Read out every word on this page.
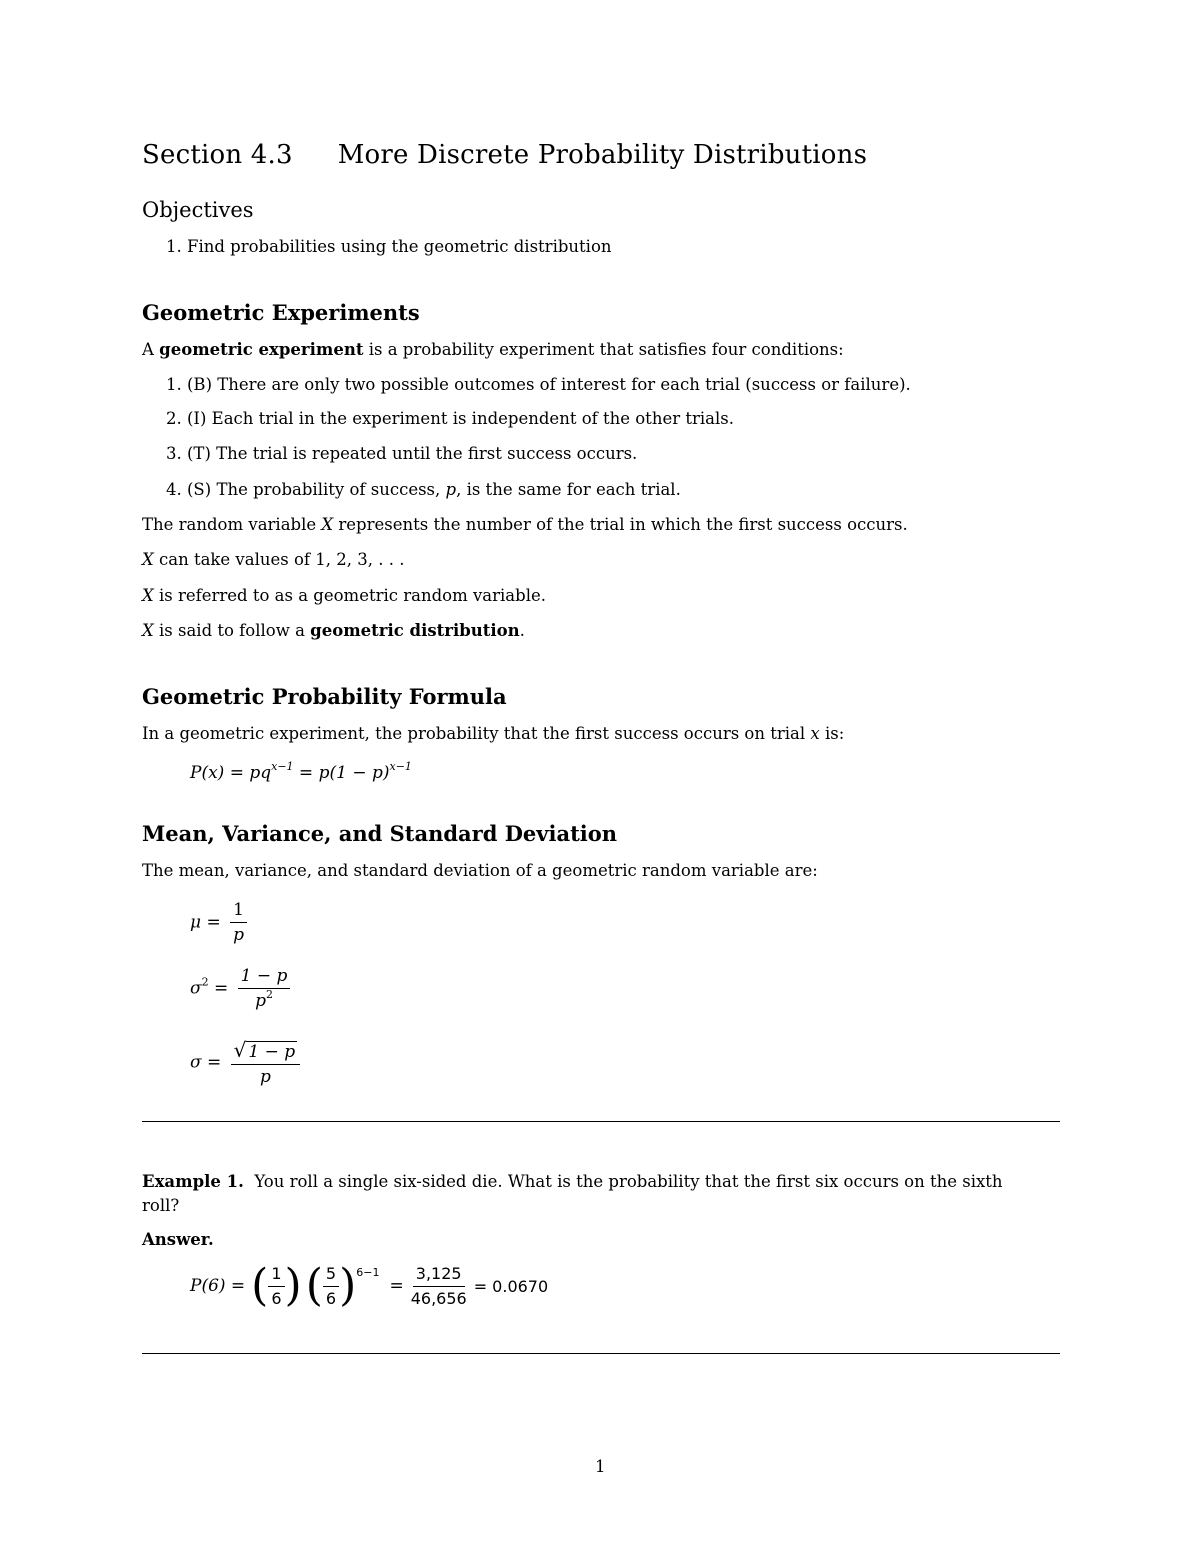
Section 4.3 More Discrete Probability Distributions
Objectives
1. Find probabilities using the geometric distribution
Geometric Experiments
A geometric experiment is a probability experiment that satisfies four conditions:
1. (B) There are only two possible outcomes of interest for each trial (success or failure).
2. (I) Each trial in the experiment is independent of the other trials.
3. (T) The trial is repeated until the first success occurs.
4. (S) The probability of success, p, is the same for each trial.
The random variable X represents the number of the trial in which the first success occurs.
X can take values of 1, 2, 3, . . .
X is referred to as a geometric random variable.
X is said to follow a geometric distribution.
Geometric Probability Formula
In a geometric experiment, the probability that the first success occurs on trial x is:
$P(x) = pq^{x-1} = p(1 - p)^{x-1}$
Mean, Variance, and Standard Deviation
The mean, variance, and standard deviation of a geometric random variable are:
$\mu = \frac{1}{p}$
$\sigma^2 = \frac{1 - p}{p^2}$
$\sigma = \frac{√ 1 - p}{p}$
Example 1. You roll a single six-sided die. What is the probability that the first six occurs on the sixth
roll?
Answer.
P(6) = ( $\frac{1}{6}$ ) ( $\frac{5}{6}$ ) 6−1
= $\frac{3,125}{46,656} = 0.0670$
1
